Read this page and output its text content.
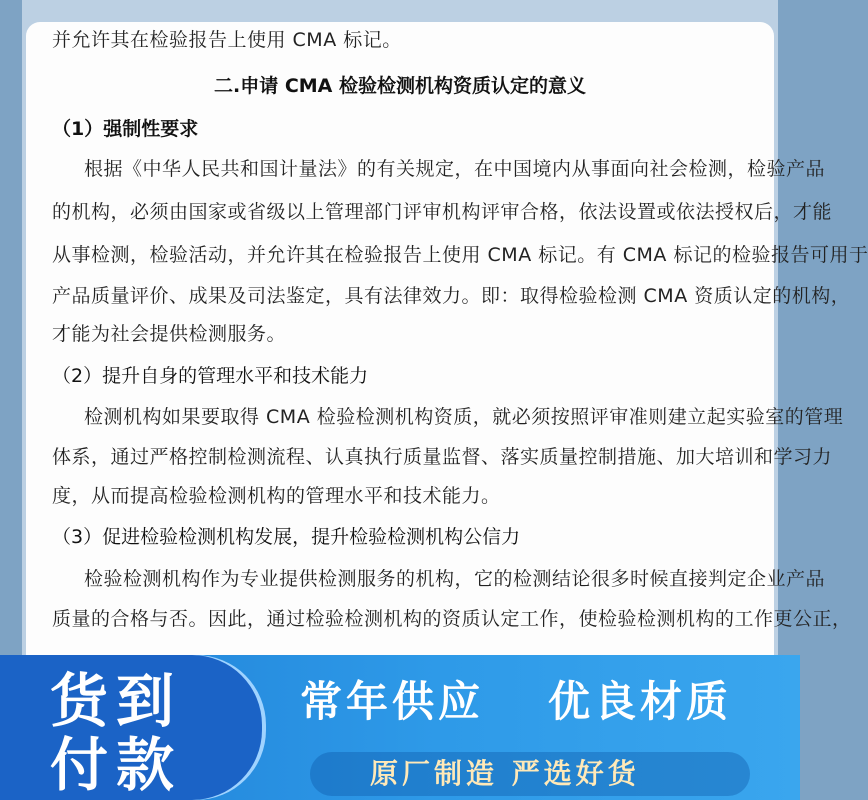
并允许其在检验报告上使用 CMA 标记。
二.申请 CMA 检验检测机构资质认定的意义
（1）强制性要求
根据《中华人民共和国计量法》的有关规定，在中国境内从事面向社会检测，检验产品
的机构，必须由国家或省级以上管理部门评审机构评审合格，依法设置或依法授权后，才能
从事检测，检验活动，并允许其在检验报告上使用 CMA 标记。有 CMA 标记的检验报告可用于
产品质量评价、成果及司法鉴定，具有法律效力。即：取得检验检测 CMA 资质认定的机构，
才能为社会提供检测服务。
（2）提升自身的管理水平和技术能力
检测机构如果要取得 CMA 检验检测机构资质，就必须按照评审准则建立起实验室的管理
体系，通过严格控制检测流程、认真执行质量监督、落实质量控制措施、加大培训和学习力
度，从而提高检验检测机构的管理水平和技术能力。
（3）促进检验检测机构发展，提升检验检测机构公信力
检验检测机构作为专业提供检测服务的机构，它的检测结论很多时候直接判定企业产品
质量的合格与否。因此，通过检验检测机构的资质认定工作，使检验检测机构的工作更公正，
货到
付款
常年供应 优良材质
原厂制造 严选好货
